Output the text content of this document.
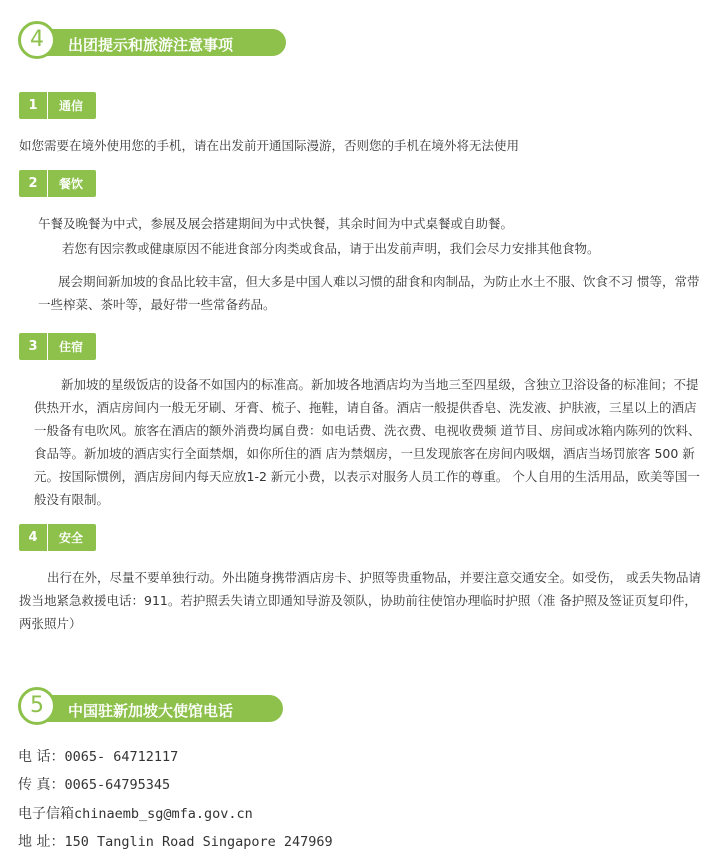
出团提示和旅游注意事项
4
1	通信
如您需要在境外使用您的手机，请在出发前开通国际漫游，否则您的手机在境外将无法使用
2	餐饮
午餐及晚餐为中式，参展及展会搭建期间为中式快餐，其余时间为中式桌餐或自助餐。
若您有因宗教或健康原因不能进食部分肉类或食品，请于出发前声明，我们会尽力安排其他食物。
展会期间新加坡的食品比较丰富，但大多是中国人难以习惯的甜食和肉制品，为防止水土不服、饮食不习 惯等，常带一些榨菜、茶叶等，最好带一些常备药品。
3	住宿
新加坡的星级饭店的设备不如国内的标准高。新加坡各地酒店均为当地三至四星级，含独立卫浴设备的标准间；不提供热开水，酒店房间内一般无牙刷、牙膏、梳子、拖鞋，请自备。酒店一般提供香皂、洗发液、护肤液，三星以上的酒店一般备有电吹风。旅客在酒店的额外消费均属自费：如电话费、洗衣费、电视收费频 道节目、房间或冰箱内陈列的饮料、食品等。新加坡的酒店实行全面禁烟，如你所住的酒 店为禁烟房，一旦发现旅客在房间内吸烟，酒店当场罚旅客 500 新元。按国际惯例，酒店房间内每天应放1-2 新元小费，以表示对服务人员工作的尊重。 个人自用的生活用品，欧美等国一般没有限制。
4	安全
出行在外，尽量不要单独行动。外出随身携带酒店房卡、护照等贵重物品，并要注意交通安全。如受伤， 或丢失物品请拨当地紧急救援电话：911。若护照丢失请立即通知导游及领队，协助前往使馆办理临时护照（准 备护照及签证页复印件，两张照片）
中国驻新加坡大使馆电话
5
电 话：0065- 64712117
传 真：0065-64795345
电子信箱chinaemb_sg@mfa.gov.cn
地 址：150 Tanglin Road Singapore 247969
